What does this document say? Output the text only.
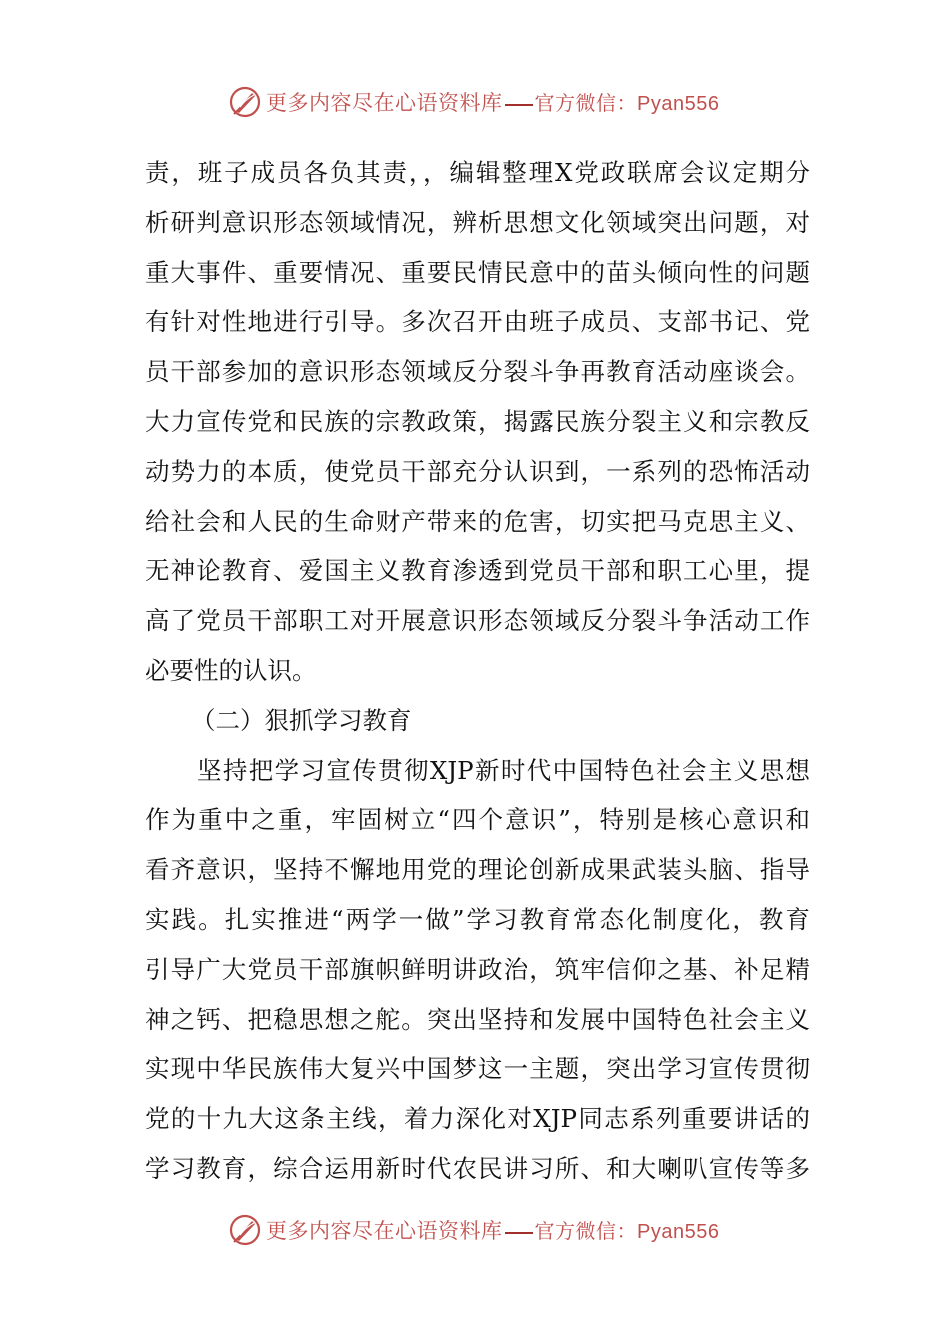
更多内容尽在心语资料库 官方微信：Pyan556
责，班子成员各负其责，，编辑整理X党政联席会议定期分
析研判意识形态领域情况，辨析思想文化领域突出问题，对
重大事件、重要情况、重要民情民意中的苗头倾向性的问题
有针对性地进行引导。多次召开由班子成员、支部书记、党
员干部参加的意识形态领域反分裂斗争再教育活动座谈会。
大力宣传党和民族的宗教政策，揭露民族分裂主义和宗教反
动势力的本质，使党员干部充分认识到，一系列的恐怖活动
给社会和人民的生命财产带来的危害，切实把马克思主义、
无神论教育、爱国主义教育渗透到党员干部和职工心里，提
高了党员干部职工对开展意识形态领域反分裂斗争活动工作
必要性的认识。
（二）狠抓学习教育
坚持把学习宣传贯彻XJP新时代中国特色社会主义思想
作为重中之重，牢固树立“四个意识”，特别是核心意识和
看齐意识，坚持不懈地用党的理论创新成果武装头脑、指导
实践。扎实推进“两学一做”学习教育常态化制度化，教育
引导广大党员干部旗帜鲜明讲政治，筑牢信仰之基、补足精
神之钙、把稳思想之舵。突出坚持和发展中国特色社会主义
实现中华民族伟大复兴中国梦这一主题，突出学习宣传贯彻
党的十九大这条主线，着力深化对XJP同志系列重要讲话的
学习教育，综合运用新时代农民讲习所、和大喇叭宣传等多
更多内容尽在心语资料库 官方微信：Pyan556
